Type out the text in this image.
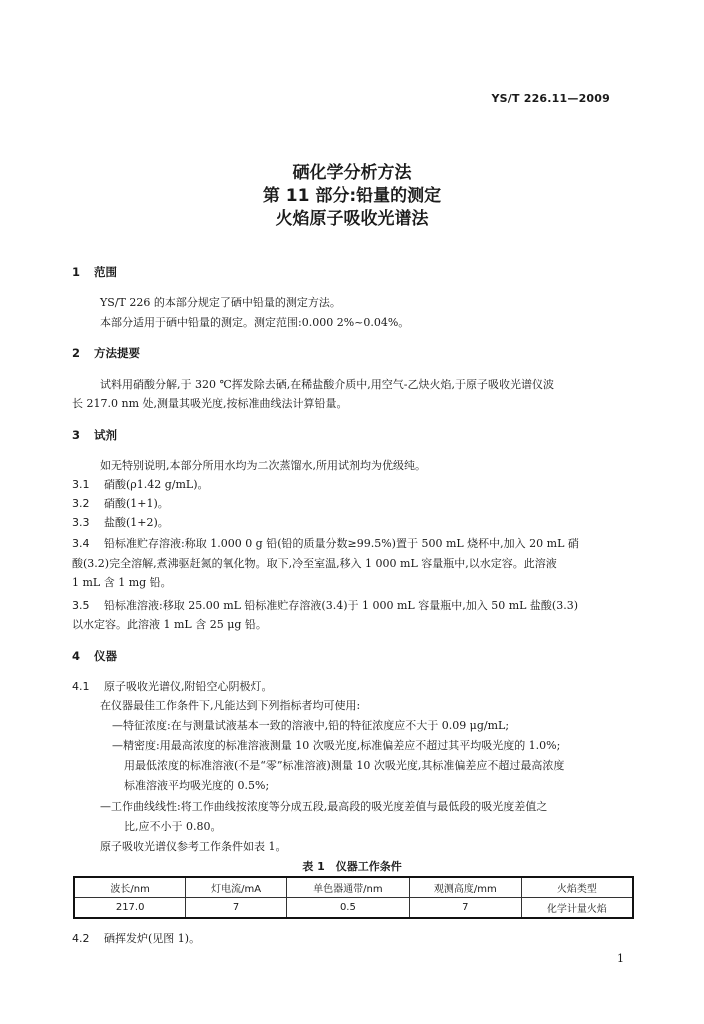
YS/T 226.11—2009
硒化学分析方法
第 11 部分:铅量的测定
火焰原子吸收光谱法
1 范围
YS/T 226 的本部分规定了硒中铅量的测定方法。
本部分适用于硒中铅量的测定。测定范围:0.000 2%~0.04%。
2 方法提要
试料用硝酸分解,于 320 ℃挥发除去硒,在稀盐酸介质中,用空气-乙炔火焰,于原子吸收光谱仪波
长 217.0 nm 处,测量其吸光度,按标准曲线法计算铅量。
3 试剂
如无特别说明,本部分所用水均为二次蒸馏水,所用试剂均为优级纯。
3.1 硝酸(ρ1.42 g/mL)。
3.2 硝酸(1+1)。
3.3 盐酸(1+2)。
3.4 铅标准贮存溶液:称取 1.000 0 g 铅(铅的质量分数≥99.5%)置于 500 mL 烧杯中,加入 20 mL 硝
酸(3.2)完全溶解,煮沸驱赶氮的氧化物。取下,冷至室温,移入 1 000 mL 容量瓶中,以水定容。此溶液
1 mL 含 1 mg 铅。
3.5 铅标准溶液:移取 25.00 mL 铅标准贮存溶液(3.4)于 1 000 mL 容量瓶中,加入 50 mL 盐酸(3.3)
以水定容。此溶液 1 mL 含 25 μg 铅。
4 仪器
4.1 原子吸收光谱仪,附铅空心阴极灯。
在仪器最佳工作条件下,凡能达到下列指标者均可使用:
—特征浓度:在与测量试液基本一致的溶液中,铅的特征浓度应不大于 0.09 μg/mL;
—精密度:用最高浓度的标准溶液测量 10 次吸光度,标准偏差应不超过其平均吸光度的 1.0%;
用最低浓度的标准溶液(不是“零”标准溶液)测量 10 次吸光度,其标准偏差应不超过最高浓度
标准溶液平均吸光度的 0.5%;
—工作曲线线性:将工作曲线按浓度等分成五段,最高段的吸光度差值与最低段的吸光度差值之
比,应不小于 0.80。
原子吸收光谱仪参考工作条件如表 1。
表 1　仪器工作条件
波长/nm	灯电流/mA	单色器通带/nm	观测高度/mm	火焰类型
217.0	7	0.5	7	化学计量火焰
4.2 硒挥发炉(见图 1)。
1
